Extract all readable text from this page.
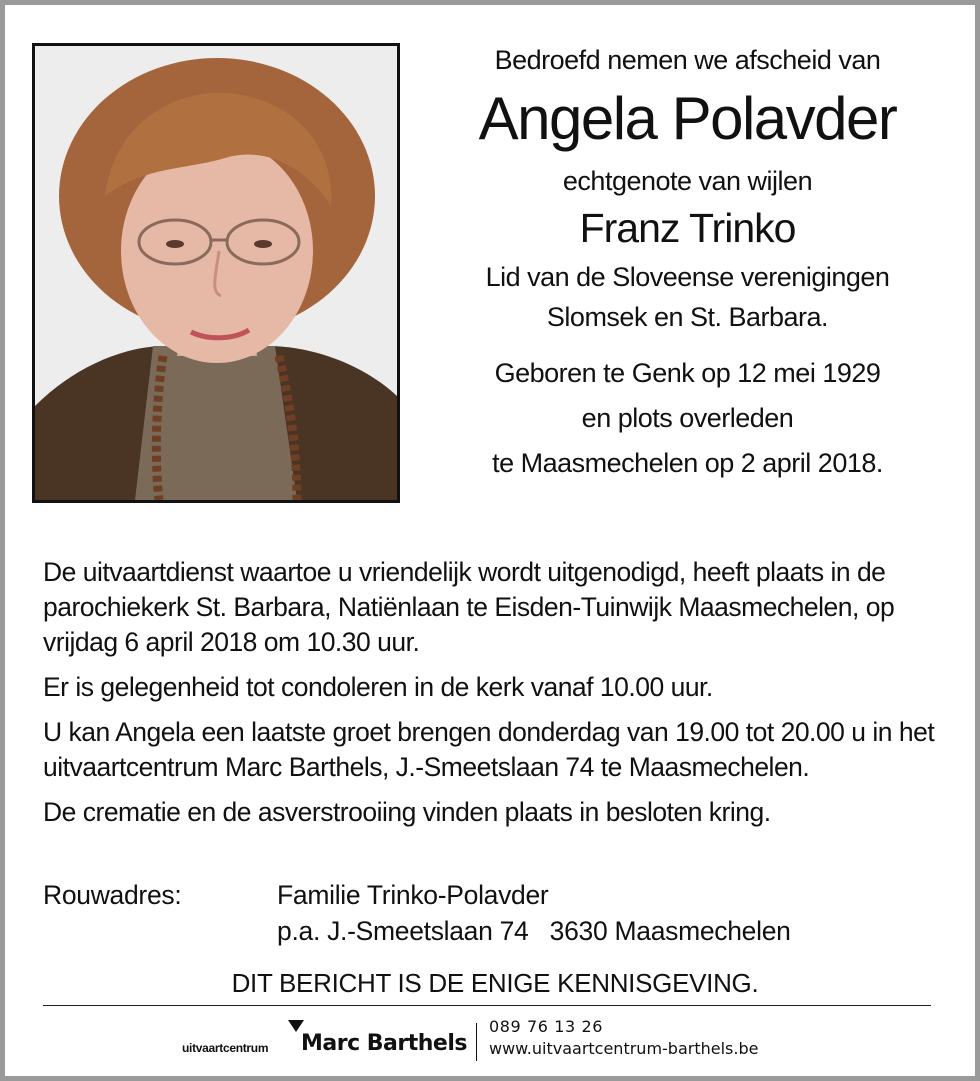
Bedroefd nemen we afscheid van
Angela Polavder
echtgenote van wijlen
Franz Trinko
Lid van de Sloveense verenigingen
Slomsek en St. Barbara.
Geboren te Genk op 12 mei 1929
en plots overleden
te Maasmechelen op 2 april 2018.

De uitvaartdienst waartoe u vriendelijk wordt uitgenodigd, heeft plaats in de parochiekerk St. Barbara, Natiënlaan te Eisden-Tuinwijk Maasmechelen, op vrijdag 6 april 2018 om 10.30 uur.

Er is gelegenheid tot condoleren in de kerk vanaf 10.00 uur.

U kan Angela een laatste groet brengen donderdag van 19.00 tot 20.00 u in het uitvaartcentrum Marc Barthels, J.-Smeetslaan 74 te Maasmechelen.

De crematie en de asverstrooiing vinden plaats in besloten kring.

Rouwadres:	Familie Trinko-Polavder
p.a. J.-Smeetslaan 74   3630 Maasmechelen
DIT BERICHT IS DE ENIGE KENNISGEVING.
uitvaartcentrum Marc Barthels
089 76 13 26
www.uitvaartcentrum-barthels.be
